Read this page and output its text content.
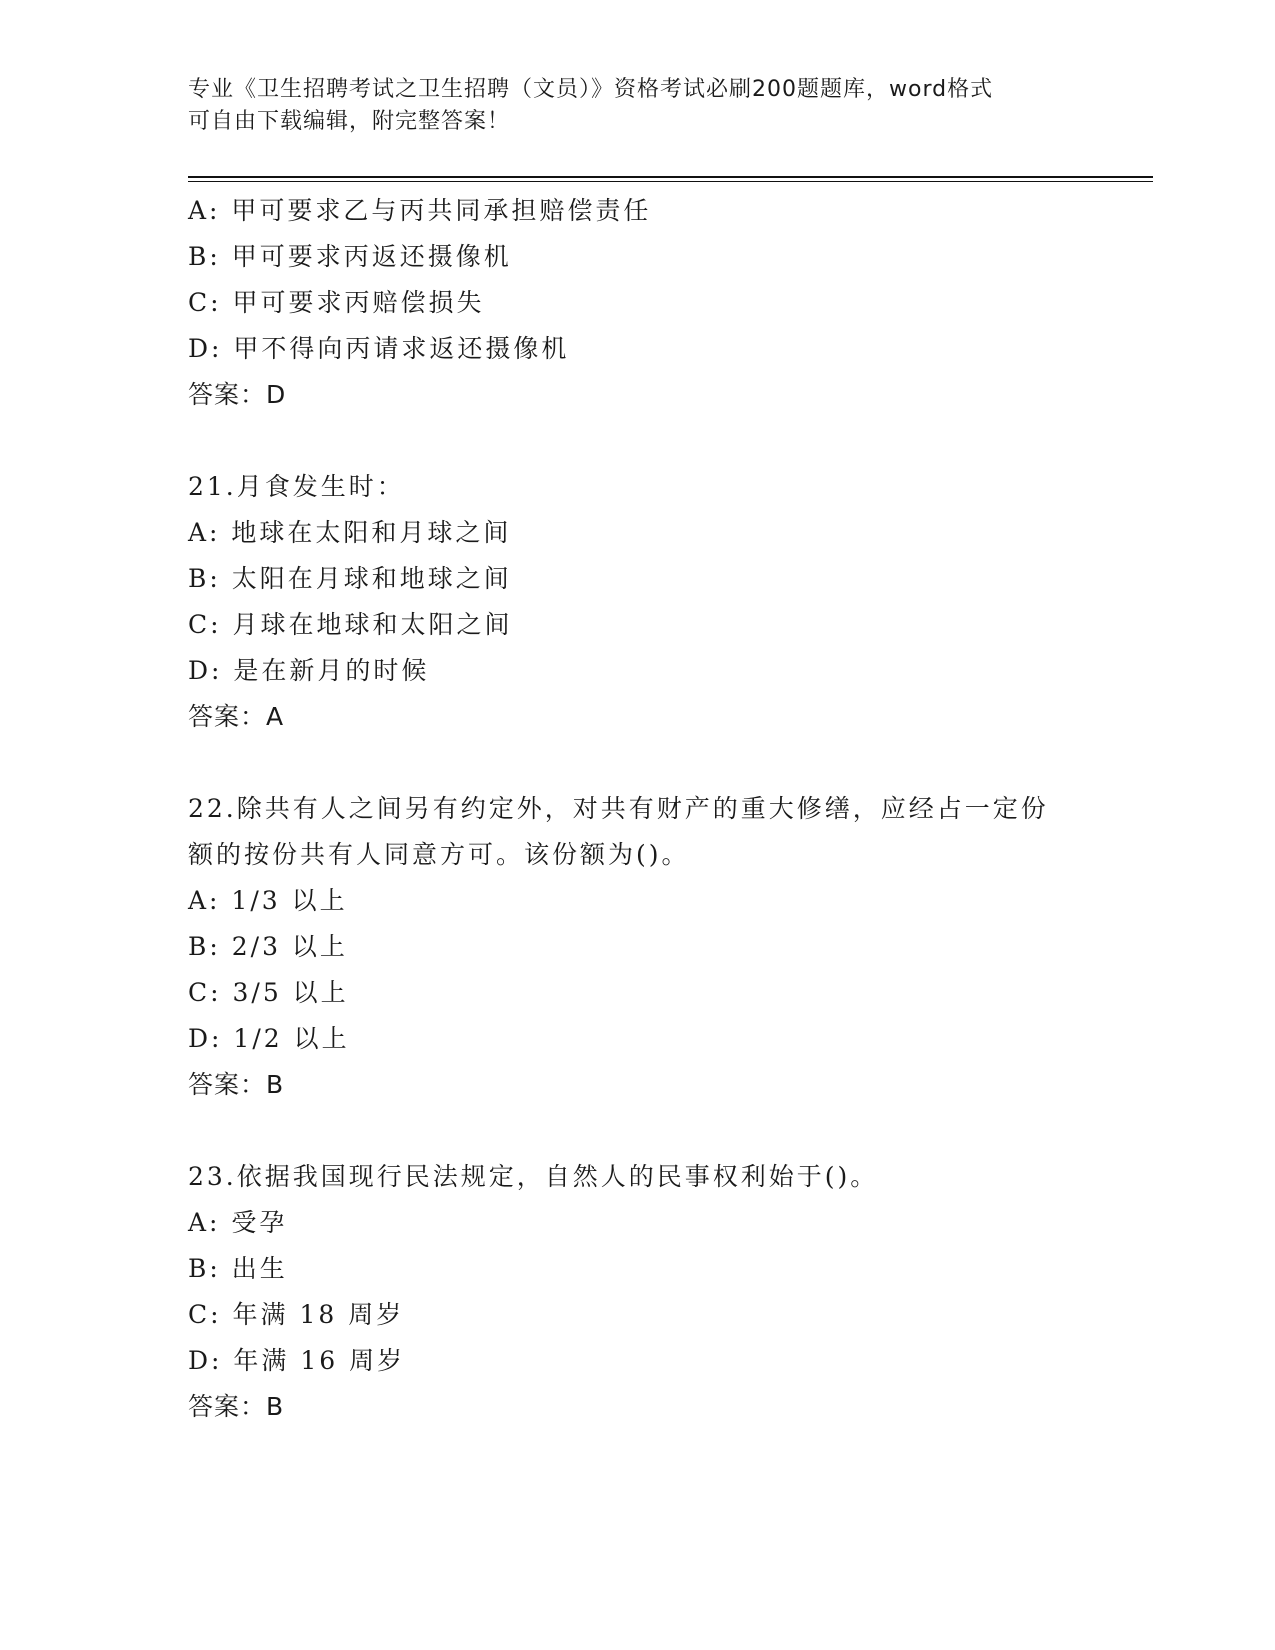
专业《卫生招聘考试之卫生招聘（文员）》资格考试必刷200题题库，word格式
可自由下载编辑，附完整答案！
A: 甲可要求乙与丙共同承担赔偿责任
B: 甲可要求丙返还摄像机
C: 甲可要求丙赔偿损失
D: 甲不得向丙请求返还摄像机
答案：D
21.月食发生时：
A: 地球在太阳和月球之间
B: 太阳在月球和地球之间
C: 月球在地球和太阳之间
D: 是在新月的时候
答案：A
22.除共有人之间另有约定外，对共有财产的重大修缮，应经占一定份
额的按份共有人同意方可。该份额为()。
A: 1/3 以上
B: 2/3 以上
C: 3/5 以上
D: 1/2 以上
答案：B
23.依据我国现行民法规定，自然人的民事权利始于()。
A: 受孕
B: 出生
C: 年满 18 周岁
D: 年满 16 周岁
答案：B
